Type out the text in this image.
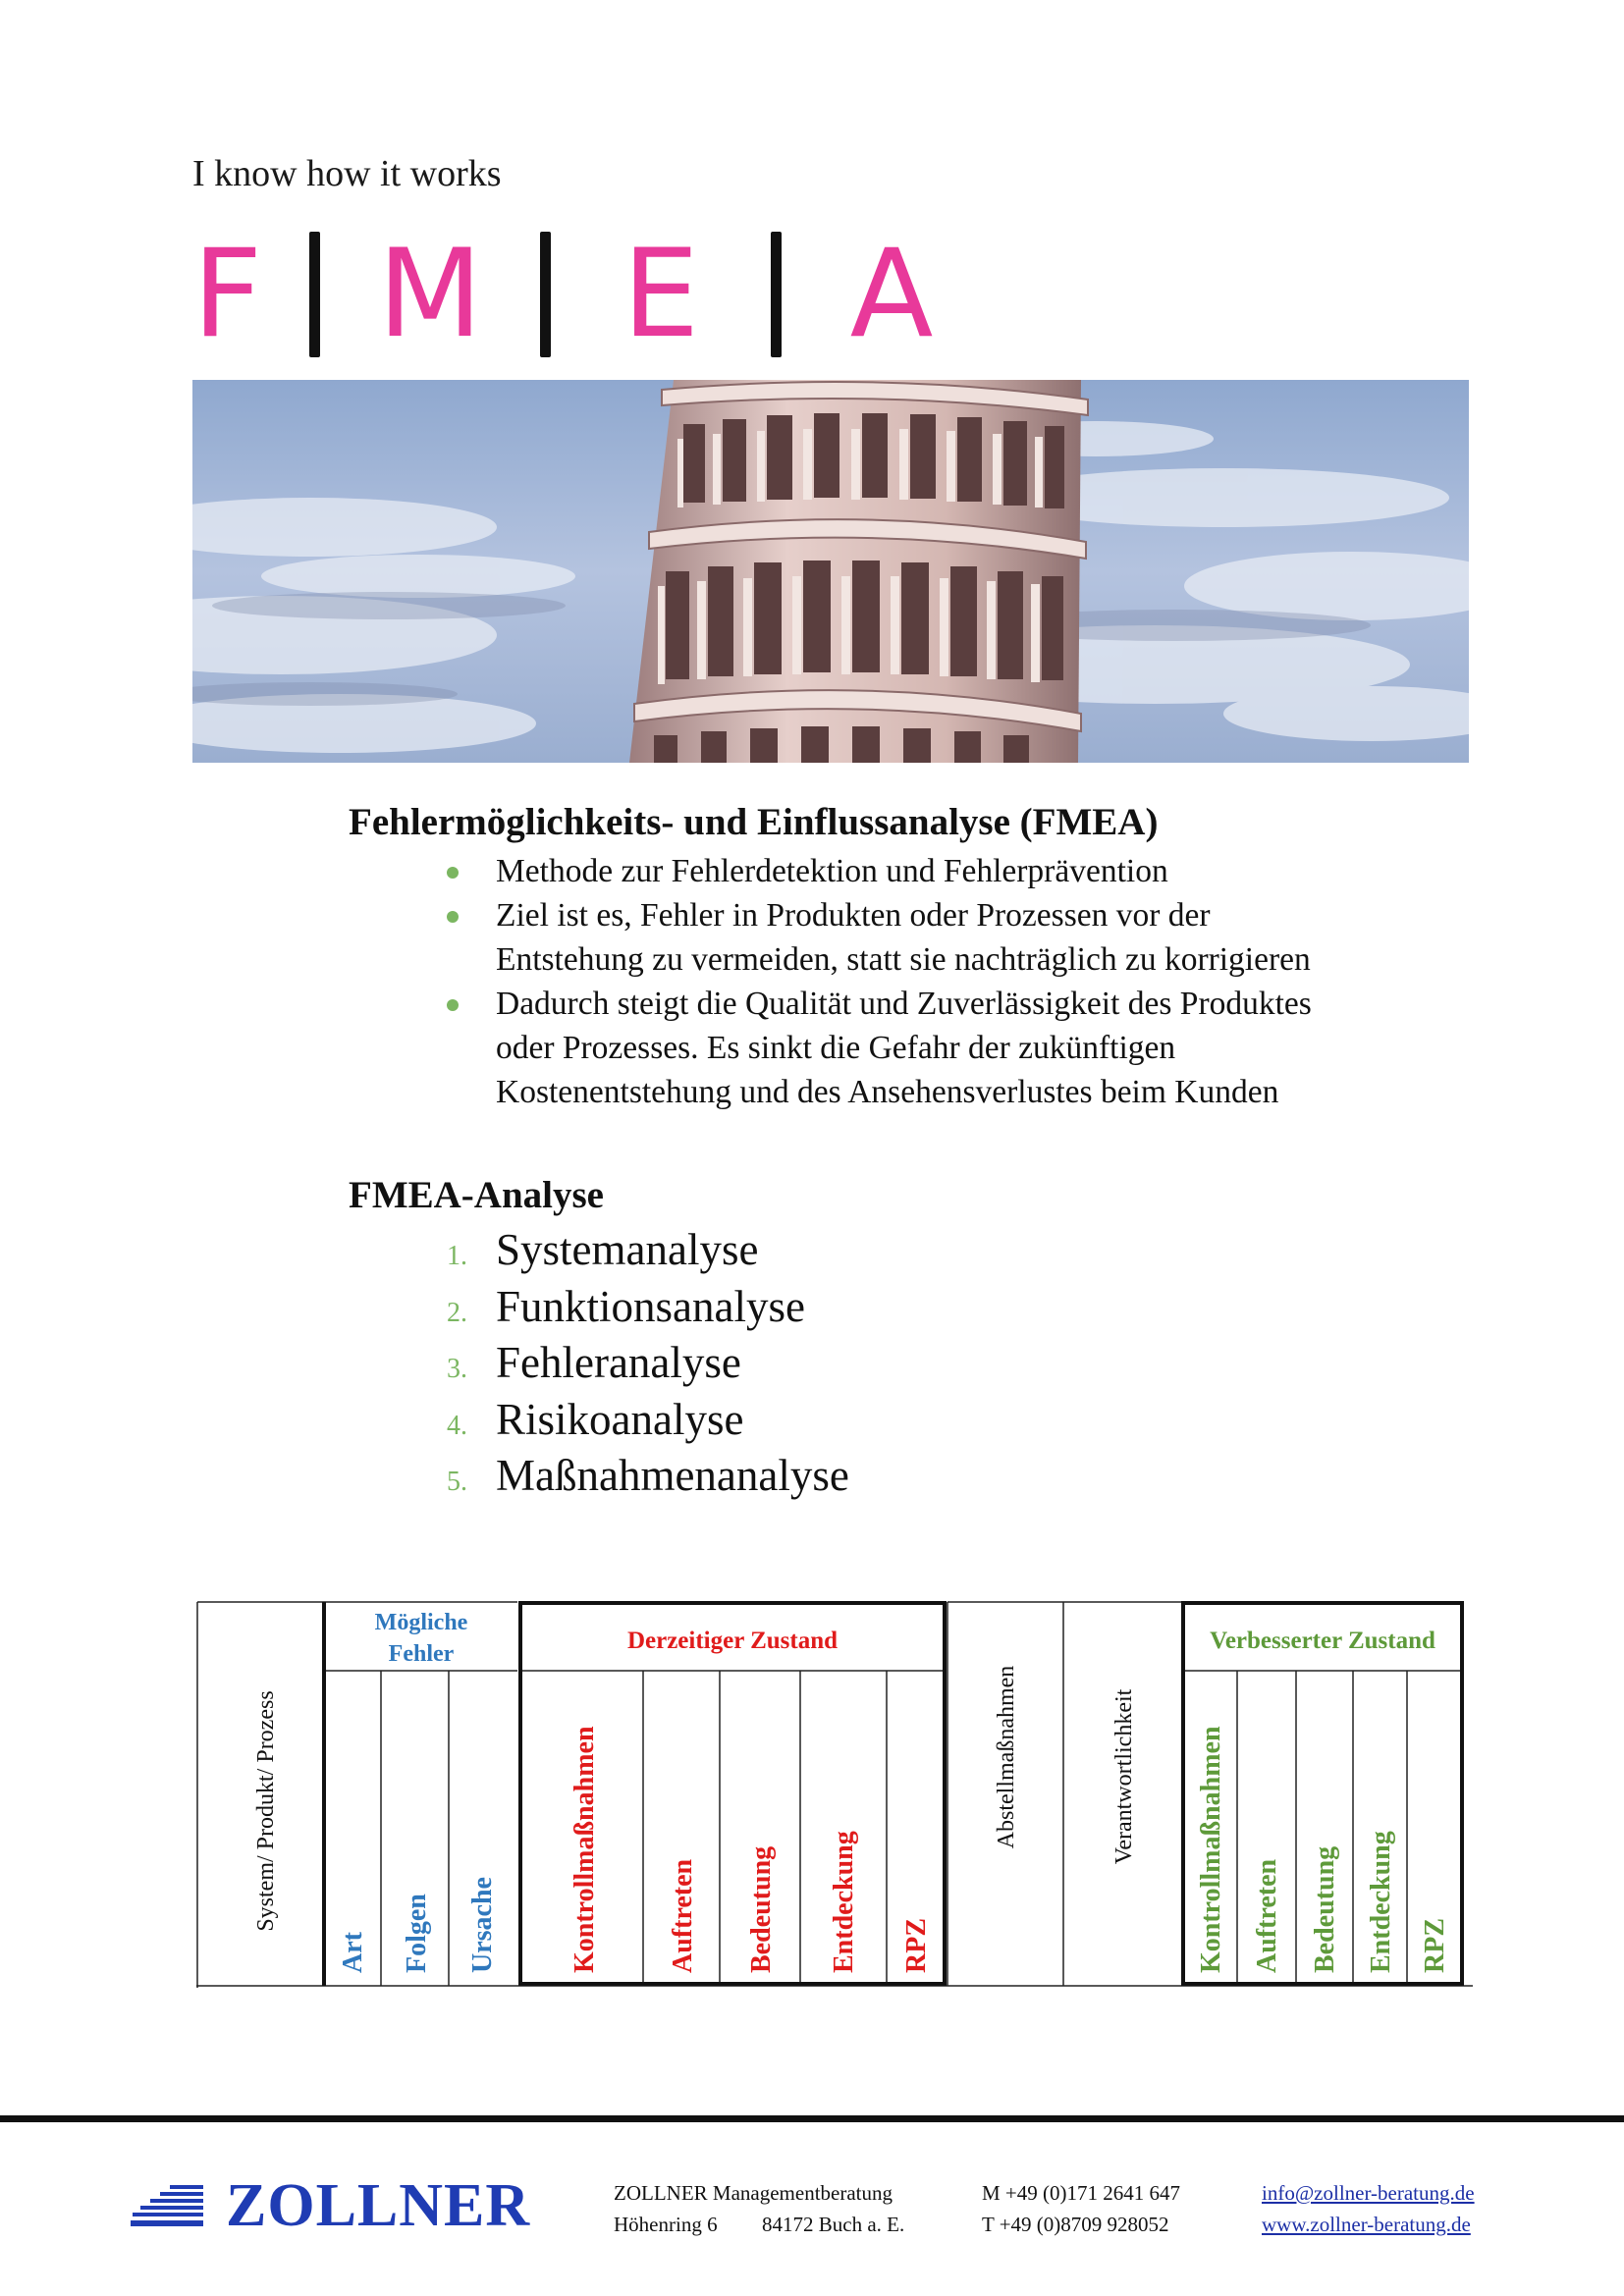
I know how it works
F M E A
Fehlermöglichkeits- und Einflussanalyse (FMEA)
Methode zur Fehlerdetektion und Fehlerprävention
Ziel ist es, Fehler in Produkten oder Prozessen vor der
Entstehung zu vermeiden, statt sie nachträglich zu korrigieren
Dadurch steigt die Qualität und Zuverlässigkeit des Produktes
oder Prozesses. Es sinkt die Gefahr der zukünftigen
Kostenentstehung und des Ansehensverlustes beim Kunden
FMEA-Analyse
1. Systemanalyse
2. Funktionsanalyse
3. Fehleranalyse
4. Risikoanalyse
5. Maßnahmenanalyse
System/ Produkt/ Prozess
Mögliche
Fehler
Art Folgen Ursache
Derzeitiger Zustand
Kontrollmaßnahmen Auftreten Bedeutung Entdeckung RPZ
Abstellmaßnahmen	Verantwortlichkeit
Verbesserter Zustand
Kontrollmaßnahmen Auftreten Bedeutung Entdeckung RPZ
ZOLLNER	ZOLLNER Managementberatung
Höhenring 6 84172 Buch a. E.
M +49 (0)171 2641 647
T +49 (0)8709 928052
info@zollner-beratung.de
www.zollner-beratung.de
